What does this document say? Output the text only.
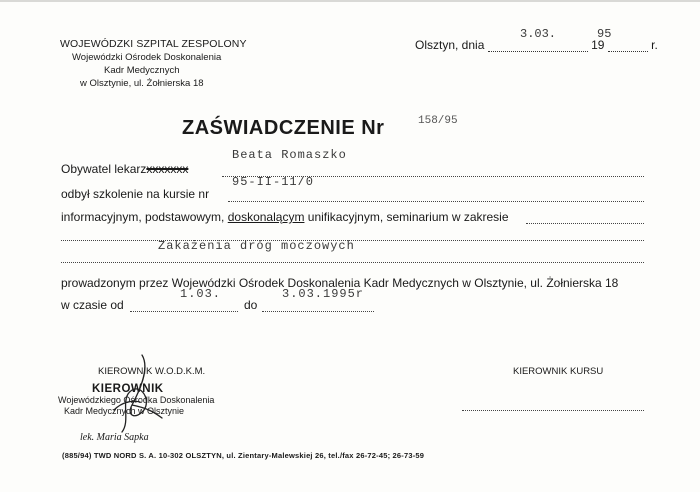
WOJEWÓDZKI SZPITAL ZESPOLONY
Wojewódzki Ośrodek Doskonalenia
Kadr Medycznych
w Olsztynie, ul. Żołnierska 18
Olsztyn, dnia	19	r.
3.03.	95
ZAŚWIADCZENIE Nr	158/95
Obywatel lekarzxxxxxxx
Beata Romaszko
odbył szkolenie na kursie nr
95-II-11/0
informacyjnym, podstawowym, doskonalącym unifikacyjnym, seminarium w zakresie
Zakażenia dróg moczowych
prowadzonym przez Wojewódzki Ośrodek Doskonalenia Kadr Medycznych w Olsztynie, ul. Żołnierska 18
w czasie od	do
1.03.	3.03.1995r
KIEROWNIK W.O.D.K.M.	KIEROWNIK KURSU
KIEROWNIK
Wojewódzkiego Ośrodka Doskonalenia
Kadr Medycznych w Olsztynie
lek. Maria Sapka
(885/94) TWD NORD S. A. 10-302 OLSZTYN, ul. Zientary-Malewskiej 26, tel./fax 26-72-45; 26-73-59
